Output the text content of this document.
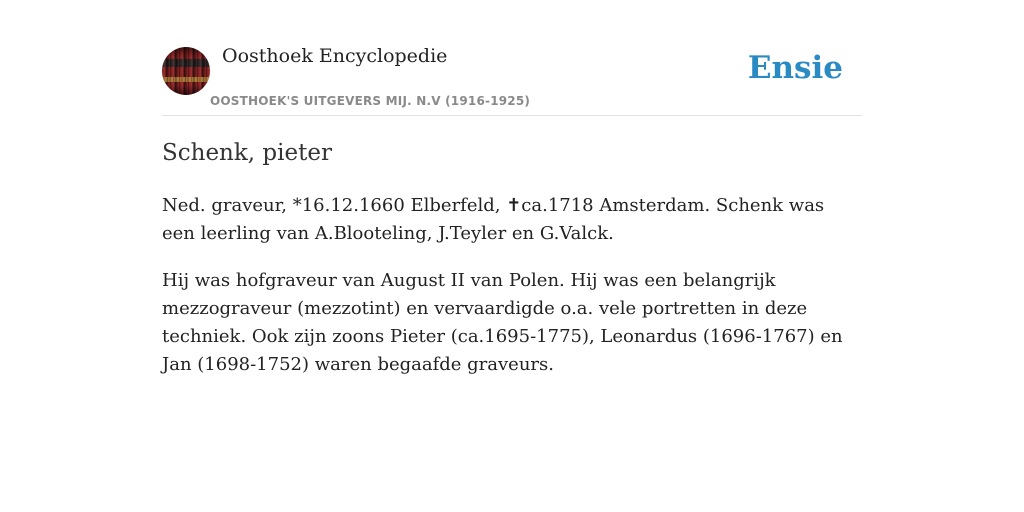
Oosthoek Encyclopedie
OOSTHOEK'S UITGEVERS MIJ. N.V (1916-1925)
Ensie
Schenk, pieter

Ned. graveur, *16.12.1660 Elberfeld, ✝ca.1718 Amsterdam. Schenk was een leerling van A.Blooteling, J.Teyler en G.Valck.

Hij was hofgraveur van August II van Polen. Hij was een belangrijk mezzograveur (mezzotint) en vervaardigde o.a. vele portretten in deze techniek. Ook zijn zoons Pieter (ca.1695-1775), Leonardus (1696-1767) en Jan (1698-1752) waren begaafde graveurs.
